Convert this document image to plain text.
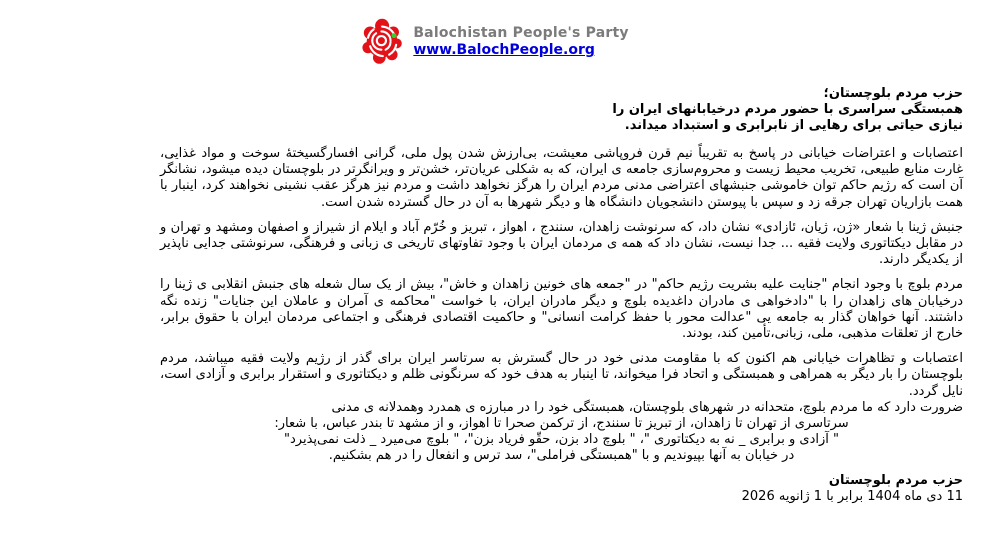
Balochistan People's Party
www.BalochPeople.org
حزب مردم بلوچستان؛
همبستگی سراسری با حضور مردم درخیابانهای ایران را
نیازی حیاتی برای رهایی از نابرابری و استبداد میداند.

اعتصابات و اعتراضات خیابانی در پاسخ به تقریباً نیم قرن فروپاشی معیشت، بی‌ارزش شدن پول ملی، گرانی افسارگسیختهٔ سوخت و مواد غذایی، غارت منابع طبیعی، تخریب محیط زیست و محروم‌سازی جامعه ی ایران، که به شکلی عریان‌تر، خشن‌تر و ویرانگرتر در بلوچستان دیده میشود، نشانگر آن است که رژیم حاکم توان خاموشی جنبشهای اعتراضی مدنی مردم ایران را هرگز نخواهد داشت و مردم نیز هرگز عقب نشینی نخواهند کرد، اینبار با همت بازاریان تهران جرقه زد و سپس با پیوستن دانشجویان دانشگاه ها و دیگر شهرها به آن در حال گسترده شدن است.

جنبش ژینا با شعار «ژن، ژیان، ئازادی» نشان داد، که سرنوشت زاهدان، سنندج ، اهواز ، تبریز و خُرّم آباد و ایلام از شیراز و اصفهان ومشهد و تهران و در مقابل دیکتاتوری ولایت فقیه ... جدا نیست، نشان داد که همه ی مردمان ایران با وجود تفاوتهای تاریخی ی زبانی و فرهنگی، سرنوشتی جدایی ناپذیر از یکدیگر دارند.

مردم بلوچ با وجود انجام "جنایت علیه بشریت رژیم حاکم" در "جمعه های خونین زاهدان و خاش"، بیش از یک سال شعله های جنبش انقلابی ی ژینا را درخیابان های زاهدان را با "دادخواهی ی مادران داغدیده بلوچ و دیگر مادران ایران، با خواست "محاکمه ی آمران و عاملان این جنایات" زنده نگه داشتند. آنها خواهان گذار به جامعه یی "عدالت محور با حفظ کرامت انسانی" و حاکمیت اقتصادی فرهنگی و اجتماعی مردمان ایران با حقوق برابر، خارج از تعلقات مذهبی، ملی، زبانی،تأمین کند، بودند.

اعتصابات و تظاهرات خیابانی هم اکنون که با مقاومت مدنی خود در حال گسترش به سرتاسر ایران برای گذر از رژیم ولایت فقیه میباشد، مردم بلوچستان را بار دیگر به همراهی و همبستگی و اتحاد فرا میخواند، تا اینبار به هدف خود که سرنگونی ظلم و دیکتاتوری و استقرار برابری و آزادی است، نایل گردد.

ضرورت دارد که ما مردم بلوچ، متحدانه در شهرهای بلوچستان، همبستگی خود را در مبارزه ی همدرد وهمدلانه ی مدنی
سرتاسری از تهران تا زاهدان، از تبریز تا سنندج، از ترکمن صحرا تا اهواز، و از مشهد تا بندر عباس، با شعار:
" آزادی و برابری _ نه به دیکتاتوری "، " بلوچ داد بزن، حقّو فریاد بزن"، " بلوچ می‌میرد _ ذلت نمی‌پذیرد"
در خیابان به آنها بپیوندیم و با "همبستگی فراملی"، سد ترس و انفعال را در هم بشکنیم.
حزب مردم بلوچستان
11 دی ماه 1404 برابر با 1 ژانویه 2026
